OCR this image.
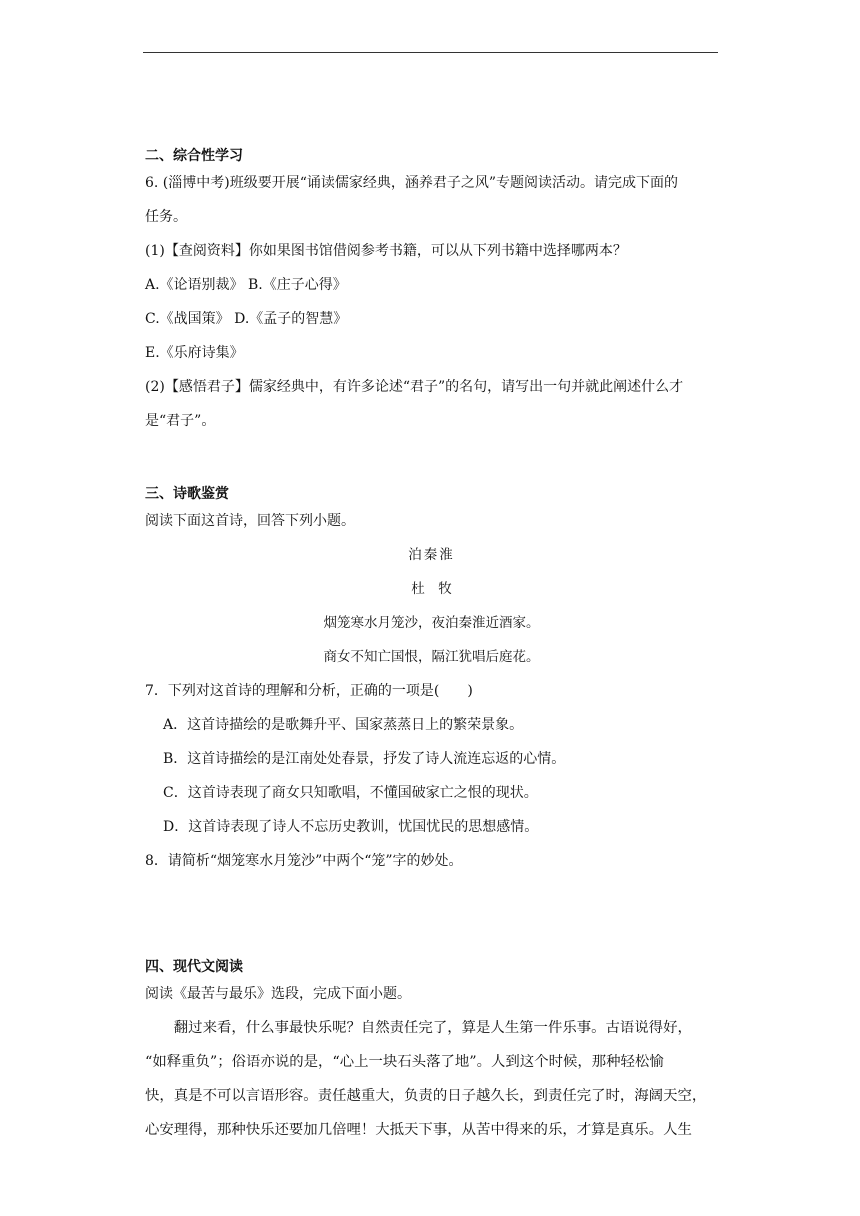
二、综合性学习
6. (淄博中考)班级要开展“诵读儒家经典，涵养君子之风”专题阅读活动。请完成下面的
任务。
(1)【查阅资料】你如果图书馆借阅参考书籍，可以从下列书籍中选择哪两本？
A.《论语别裁》 B.《庄子心得》
C.《战国策》 D.《孟子的智慧》
E.《乐府诗集》
(2)【感悟君子】儒家经典中，有许多论述“君子”的名句，请写出一句并就此阐述什么才
是“君子”。
三、诗歌鉴赏
阅读下面这首诗，回答下列小题。
泊秦淮
杜　牧
烟笼寒水月笼沙，夜泊秦淮近酒家。
商女不知亡国恨，隔江犹唱后庭花。
7．下列对这首诗的理解和分析，正确的一项是(　　)
A．这首诗描绘的是歌舞升平、国家蒸蒸日上的繁荣景象。
B．这首诗描绘的是江南处处春景，抒发了诗人流连忘返的心情。
C．这首诗表现了商女只知歌唱，不懂国破家亡之恨的现状。
D．这首诗表现了诗人不忘历史教训，忧国忧民的思想感情。
8．请简析“烟笼寒水月笼沙”中两个“笼”字的妙处。
四、现代文阅读
阅读《最苦与最乐》选段，完成下面小题。
　　翻过来看，什么事最快乐呢？自然责任完了，算是人生第一件乐事。古语说得好，
“如释重负”；俗语亦说的是，“心上一块石头落了地”。人到这个时候，那种轻松愉
快，真是不可以言语形容。责任越重大，负责的日子越久长，到责任完了时，海阔天空，
心安理得，那种快乐还要加几倍哩！大抵天下事，从苦中得来的乐，才算是真乐。人生
